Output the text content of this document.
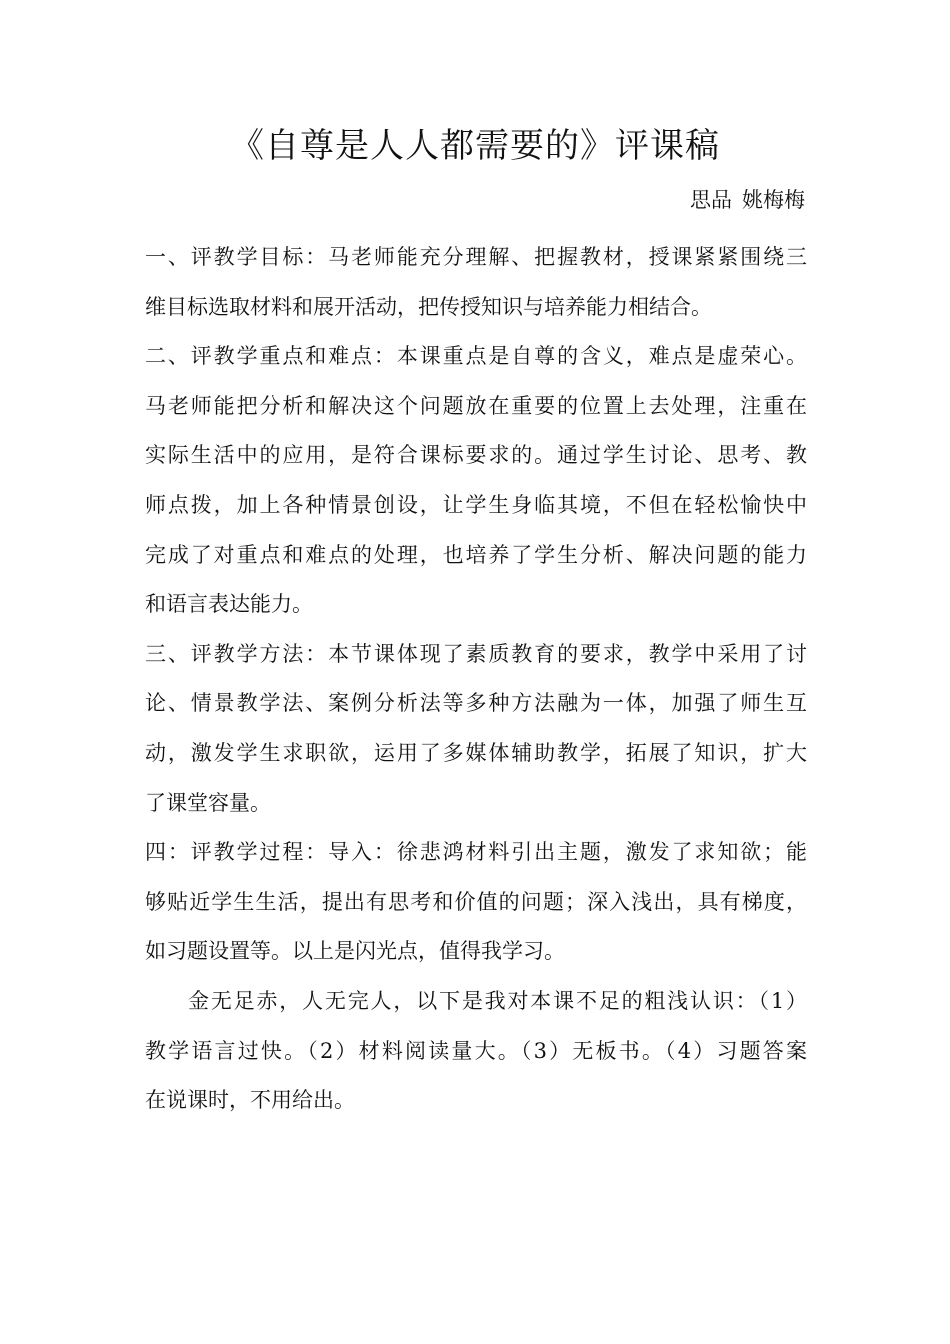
《自尊是人人都需要的》评课稿
思品 姚梅梅
一、评教学目标：马老师能充分理解、把握教材，授课紧紧围绕三
维目标选取材料和展开活动，把传授知识与培养能力相结合。
二、评教学重点和难点：本课重点是自尊的含义，难点是虚荣心。
马老师能把分析和解决这个问题放在重要的位置上去处理，注重在
实际生活中的应用，是符合课标要求的。通过学生讨论、思考、教
师点拨，加上各种情景创设，让学生身临其境，不但在轻松愉快中
完成了对重点和难点的处理，也培养了学生分析、解决问题的能力
和语言表达能力。
三、评教学方法：本节课体现了素质教育的要求，教学中采用了讨
论、情景教学法、案例分析法等多种方法融为一体，加强了师生互
动，激发学生求职欲，运用了多媒体辅助教学，拓展了知识，扩大
了课堂容量。
四：评教学过程：导入：徐悲鸿材料引出主题，激发了求知欲；能
够贴近学生生活，提出有思考和价值的问题；深入浅出，具有梯度，
如习题设置等。以上是闪光点，值得我学习。
金无足赤，人无完人，以下是我对本课不足的粗浅认识：（1）
教学语言过快。（2）材料阅读量大。（3）无板书。（4）习题答案
在说课时，不用给出。
